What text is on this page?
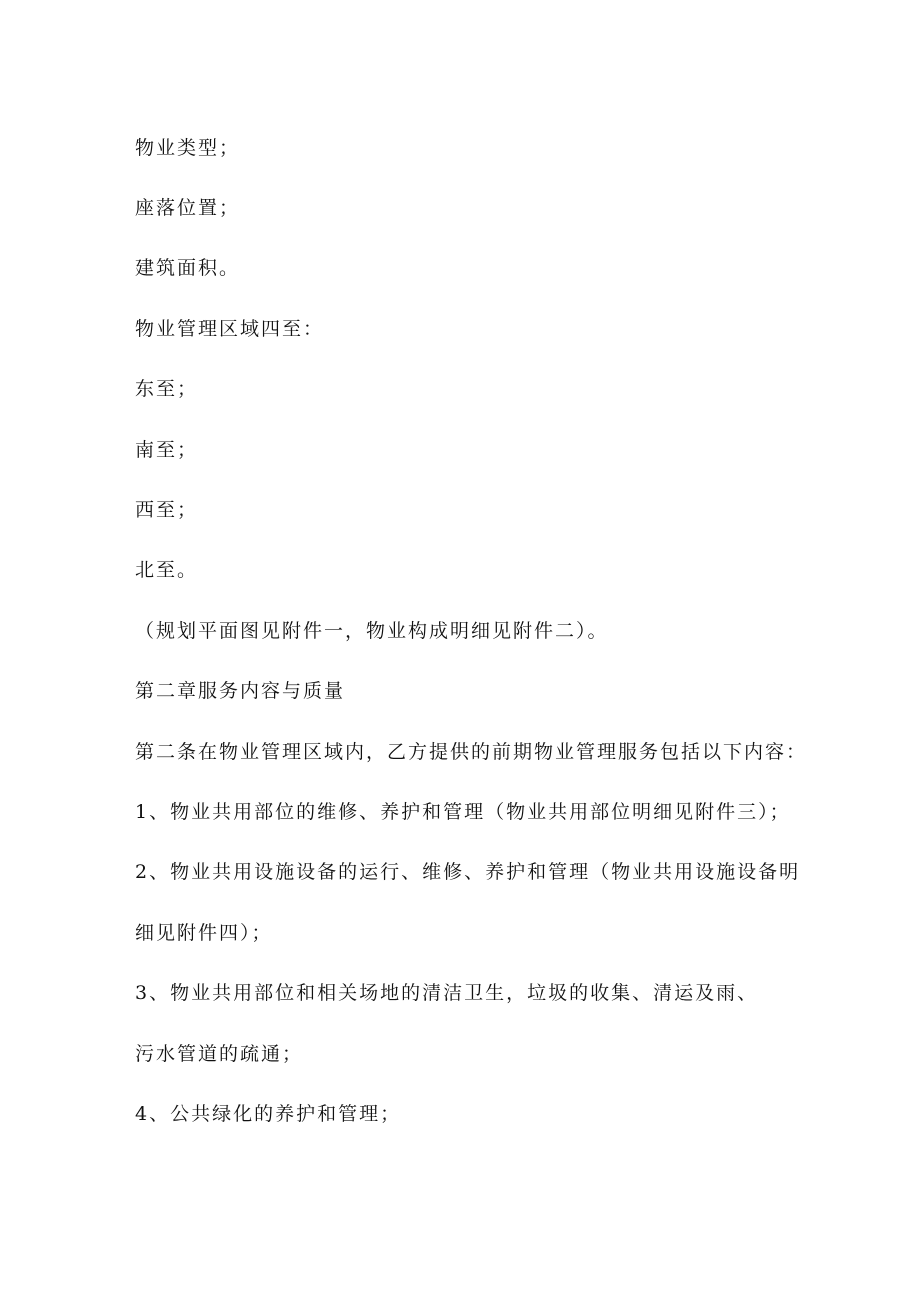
物业类型；
座落位置；
建筑面积。
物业管理区域四至：
东至；
南至；
西至；
北至。
（规划平面图见附件一，物业构成明细见附件二）。
第二章服务内容与质量
第二条在物业管理区域内，乙方提供的前期物业管理服务包括以下内容：
1、物业共用部位的维修、养护和管理（物业共用部位明细见附件三）；
2、物业共用设施设备的运行、维修、养护和管理（物业共用设施设备明
细见附件四）；
3、物业共用部位和相关场地的清洁卫生，垃圾的收集、清运及雨、
污水管道的疏通；
4、公共绿化的养护和管理；
